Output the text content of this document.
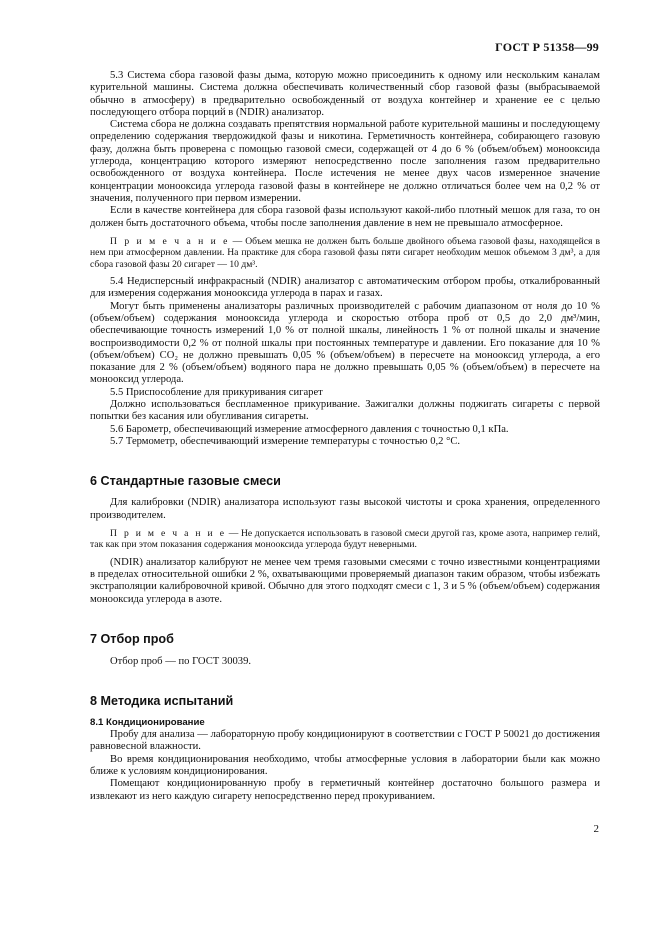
ГОСТ Р 51358—99

5.3 Система сбора газовой фазы дыма, которую можно присоединить к одному или нескольким каналам курительной машины. Система должна обеспечивать количественный сбор газовой фазы (выбрасываемой обычно в атмосферу) в предварительно освобожденный от воздуха контейнер и хранение ее с целью последующего отбора порций в (NDIR) анализатор.

Система сбора не должна создавать препятствия нормальной работе курительной машины и последующему определению содержания твердожидкой фазы и никотина. Герметичность контейнера, собирающего газовую фазу, должна быть проверена с помощью газовой смеси, содержащей от 4 до 6 % (объем/объем) монооксида углерода, концентрацию которого измеряют непосредственно после заполнения газом предварительно освобожденного от воздуха контейнера. После истечения не менее двух часов измеренное значение концентрации монооксида углерода газовой фазы в контейнере не должно отличаться более чем на 0,2 % от значения, полученного при первом измерении.

Если в качестве контейнера для сбора газовой фазы используют какой-либо плотный мешок для газа, то он должен быть достаточного объема, чтобы после заполнения давление в нем не превышало атмосферное.

П р и м е ч а н и е — Объем мешка не должен быть больше двойного объема газовой фазы, находящейся в нем при атмосферном давлении. На практике для сбора газовой фазы пяти сигарет необходим мешок объемом 3 дм³, а для сбора газовой фазы 20 сигарет — 10 дм³.

5.4 Недисперсный инфракрасный (NDIR) анализатор с автоматическим отбором пробы, откалиброванный для измерения содержания монооксида углерода в парах и газах.

Могут быть применены анализаторы различных производителей с рабочим диапазоном от ноля до 10 % (объем/объем) содержания монооксида углерода и скоростью отбора проб от 0,5 до 2,0 дм³/мин, обеспечивающие точность измерений 1,0 % от полной шкалы, линейность 1 % от полной шкалы и значение воспроизводимости 0,2 % от полной шкалы при постоянных температуре и давлении. Его показание для 10 % (объем/объем) CO₂ не должно превышать 0,05 % (объем/объем) в пересчете на монооксид углерода, а его показание для 2 % (объем/объем) водяного пара не должно превышать 0,05 % (объем/объем) в пересчете на монооксид углерода.

5.5 Приспособление для прикуривания сигарет

Должно использоваться беспламенное прикуривание. Зажигалки должны поджигать сигареты с первой попытки без касания или обугливания сигареты.

5.6 Барометр, обеспечивающий измерение атмосферного давления с точностью 0,1 кПа.

5.7 Термометр, обеспечивающий измерение температуры с точностью 0,2 °С.

6 Стандартные газовые смеси

Для калибровки (NDIR) анализатора используют газы высокой чистоты и срока хранения, определенного производителем.

П р и м е ч а н и е — Не допускается использовать в газовой смеси другой газ, кроме азота, например гелий, так как при этом показания содержания монооксида углерода будут неверными.

(NDIR) анализатор калибруют не менее чем тремя газовыми смесями с точно известными концентрациями в пределах относительной ошибки 2 %, охватывающими проверяемый диапазон таким образом, чтобы избежать экстраполяции калибровочной кривой. Обычно для этого подходят смеси с 1, 3 и 5 % (объем/объем) содержания монооксида углерода в азоте.

7 Отбор проб

Отбор проб — по ГОСТ 30039.

8 Методика испытаний

8.1 Кондиционирование

Пробу для анализа — лабораторную пробу кондиционируют в соответствии с ГОСТ Р 50021 до достижения равновесной влажности.

Во время кондиционирования необходимо, чтобы атмосферные условия в лаборатории были как можно ближе к условиям кондиционирования.

Помещают кондиционированную пробу в герметичный контейнер достаточно большого размера и извлекают из него каждую сигарету непосредственно перед прокуриванием.

2
